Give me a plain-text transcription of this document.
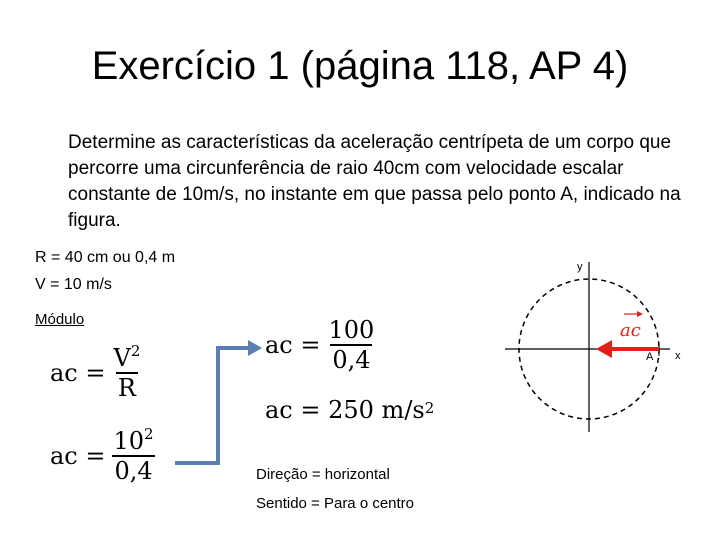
Exercício 1 (página 118, AP 4)
Determine as características da aceleração centrípeta de um corpo que percorre uma circunferência de raio 40cm com velocidade escalar constante de 10m/s, no instante em que passa pelo ponto A, indicado na figura.
R = 40 cm ou 0,4 m
V = 10 m/s
Módulo
ac = $\frac{V^2}{R}$
ac = $\frac{10^2}{0,4}$
ac = $\frac{100}{0,4}$
ac = 250 $m/s^2$
Direção = horizontal
Sentido = Para o centro
ac
y
x
A
